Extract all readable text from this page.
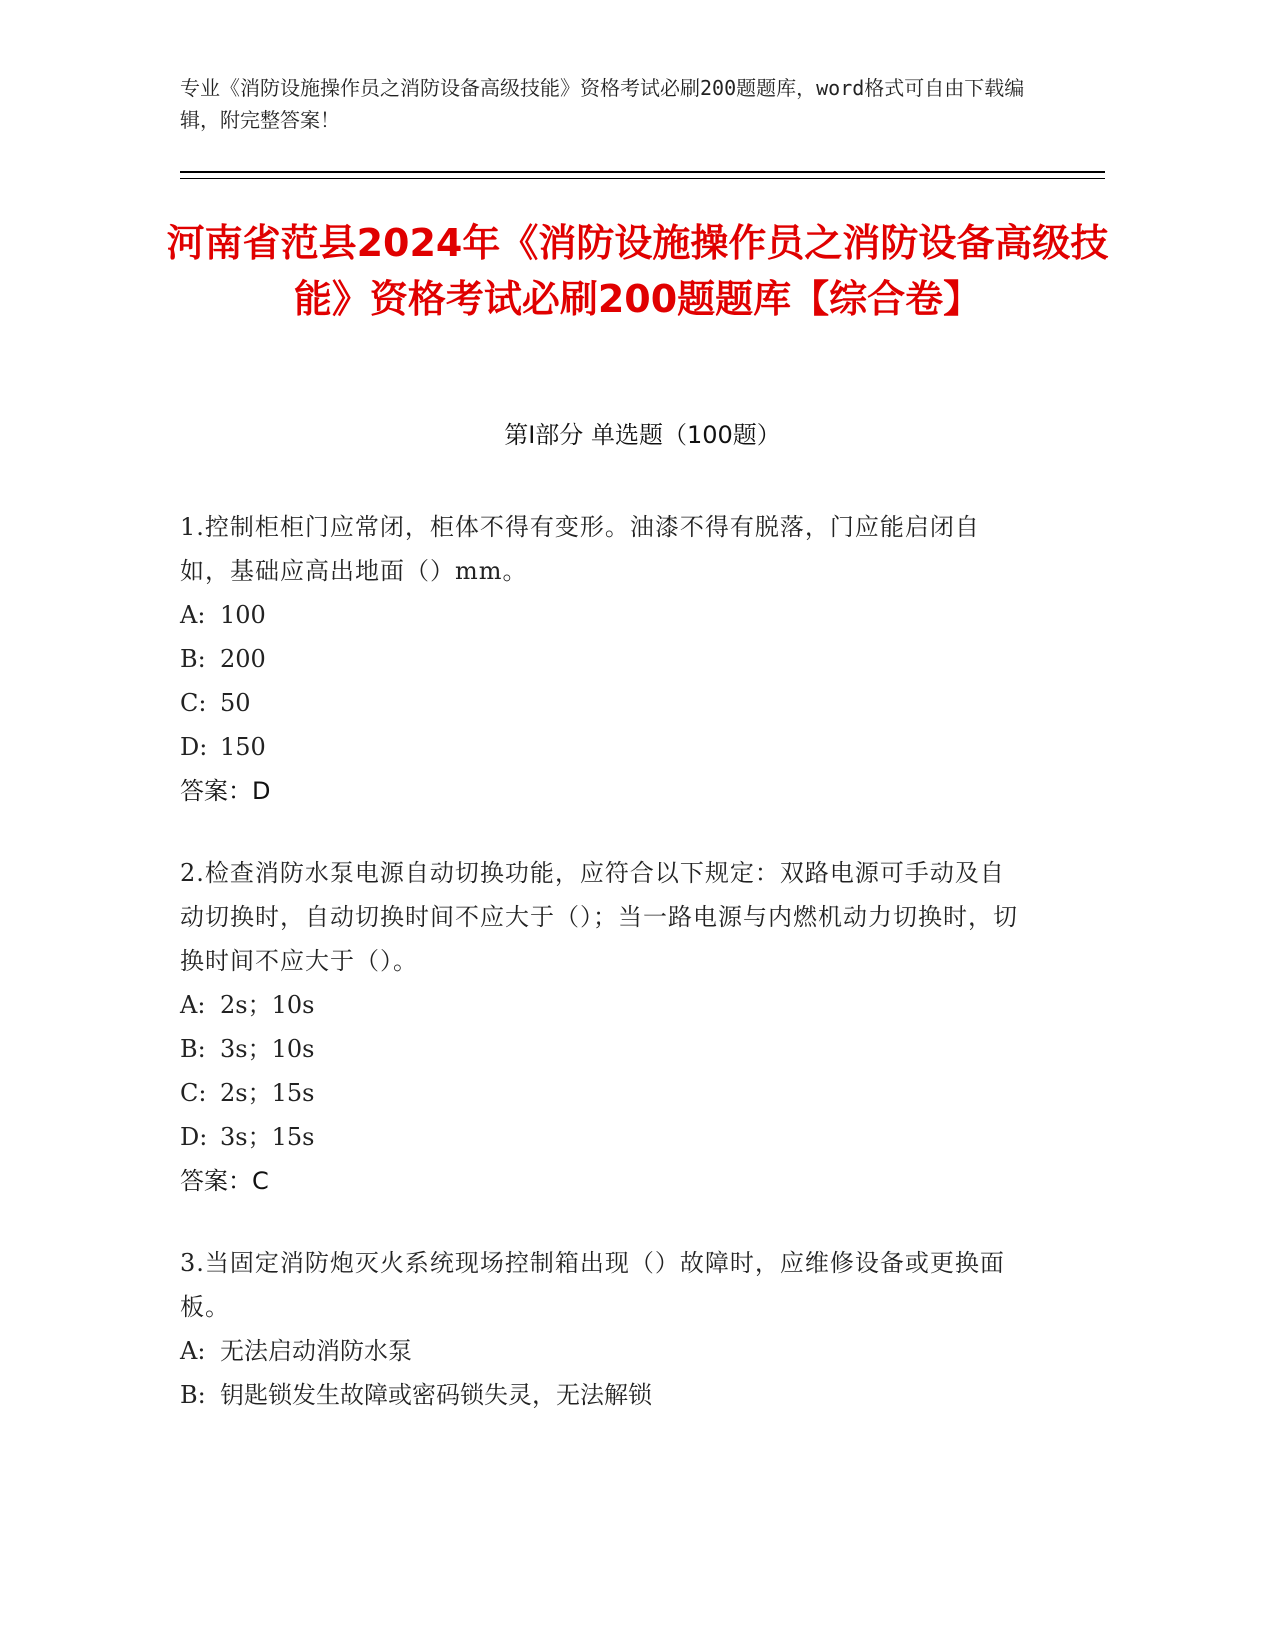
专业《消防设施操作员之消防设备高级技能》资格考试必刷200题题库，word格式可自由下载编辑，附完整答案！
河南省范县2024年《消防设施操作员之消防设备高级技能》资格考试必刷200题题库【综合卷】
第Ⅰ部分 单选题（100题）
1.控制柜柜门应常闭，柜体不得有变形。油漆不得有脱落，门应能启闭自如，基础应高出地面（）mm。
A: 100
B: 200
C: 50
D: 150
答案：D
2.检查消防水泵电源自动切换功能，应符合以下规定：双路电源可手动及自动切换时，自动切换时间不应大于（）；当一路电源与内燃机动力切换时，切换时间不应大于（）。
A: 2s；10s
B: 3s；10s
C: 2s；15s
D: 3s；15s
答案：C
3.当固定消防炮灭火系统现场控制箱出现（）故障时，应维修设备或更换面板。
A: 无法启动消防水泵
B: 钥匙锁发生故障或密码锁失灵，无法解锁
